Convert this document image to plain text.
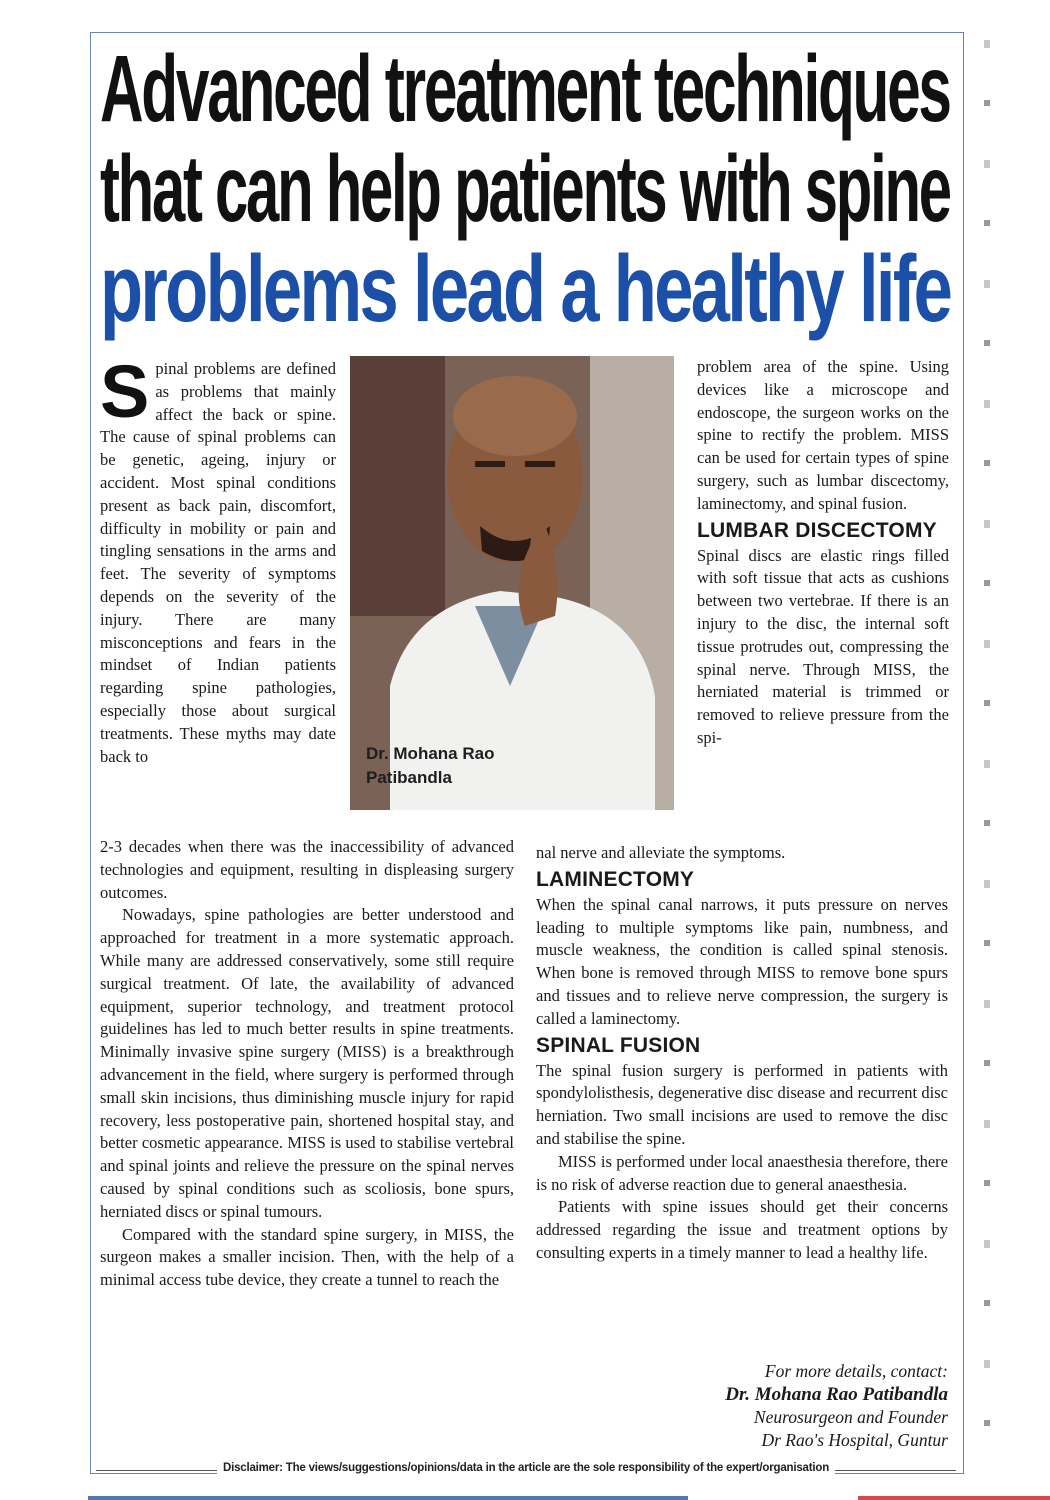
Advanced treatment techniques
that can help patients with spine
problems lead a healthy life

Spinal problems are defined as problems that mainly affect the back or spine. The cause of spinal problems can be genetic, ageing, injury or accident. Most spinal conditions present as back pain, discomfort, difficulty in mobility or pain and tingling sensations in the arms and feet. The severity of symptoms depends on the severity of the injury. There are many misconceptions and fears in the mindset of Indian patients regarding spine pathologies, especially those about surgical treatments. These myths may date back to	Dr. Mohana Rao
Patibandla

problem area of the spine. Using devices like a microscope and endoscope, the surgeon works on the spine to rectify the problem. MISS can be used for certain types of spine surgery, such as lumbar discectomy, laminectomy, and spinal fusion.

LUMBAR DISCECTOMY

Spinal discs are elastic rings filled with soft tissue that acts as cushions between two vertebrae. If there is an injury to the disc, the internal soft tissue protrudes out, compressing the spinal nerve. Through MISS, the herniated material is trimmed or removed to relieve pressure from the spi-

2-3 decades when there was the inaccessibility of advanced technologies and equipment, resulting in displeasing surgery outcomes.

Nowadays, spine pathologies are better understood and approached for treatment in a more systematic approach. While many are addressed conservatively, some still require surgical treatment. Of late, the availability of advanced equipment, superior technology, and treatment protocol guidelines has led to much better results in spine treatments. Minimally invasive spine surgery (MISS) is a breakthrough advancement in the field, where surgery is performed through small skin incisions, thus diminishing muscle injury for rapid recovery, less postoperative pain, shortened hospital stay, and better cosmetic appearance. MISS is used to stabilise vertebral and spinal joints and relieve the pressure on the spinal nerves caused by spinal conditions such as scoliosis, bone spurs, herniated discs or spinal tumours.

Compared with the standard spine surgery, in MISS, the surgeon makes a smaller incision. Then, with the help of a minimal access tube device, they create a tunnel to reach the

nal nerve and alleviate the symptoms.

LAMINECTOMY

When the spinal canal narrows, it puts pressure on nerves leading to multiple symptoms like pain, numbness, and muscle weakness, the condition is called spinal stenosis. When bone is removed through MISS to remove bone spurs and tissues and to relieve nerve compression, the surgery is called a laminectomy.

SPINAL FUSION

The spinal fusion surgery is performed in patients with spondylolisthesis, degenerative disc disease and recurrent disc herniation. Two small incisions are used to remove the disc and stabilise the spine.

MISS is performed under local anaesthesia therefore, there is no risk of adverse reaction due to general anaesthesia.

Patients with spine issues should get their concerns addressed regarding the issue and treatment options by consulting experts in a timely manner to lead a healthy life.

For more details, contact:
Dr. Mohana Rao Patibandla
Neurosurgeon and Founder
Dr Rao's Hospital, Guntur
Disclaimer: The views/suggestions/opinions/data in the article are the sole responsibility of the expert/organisation
